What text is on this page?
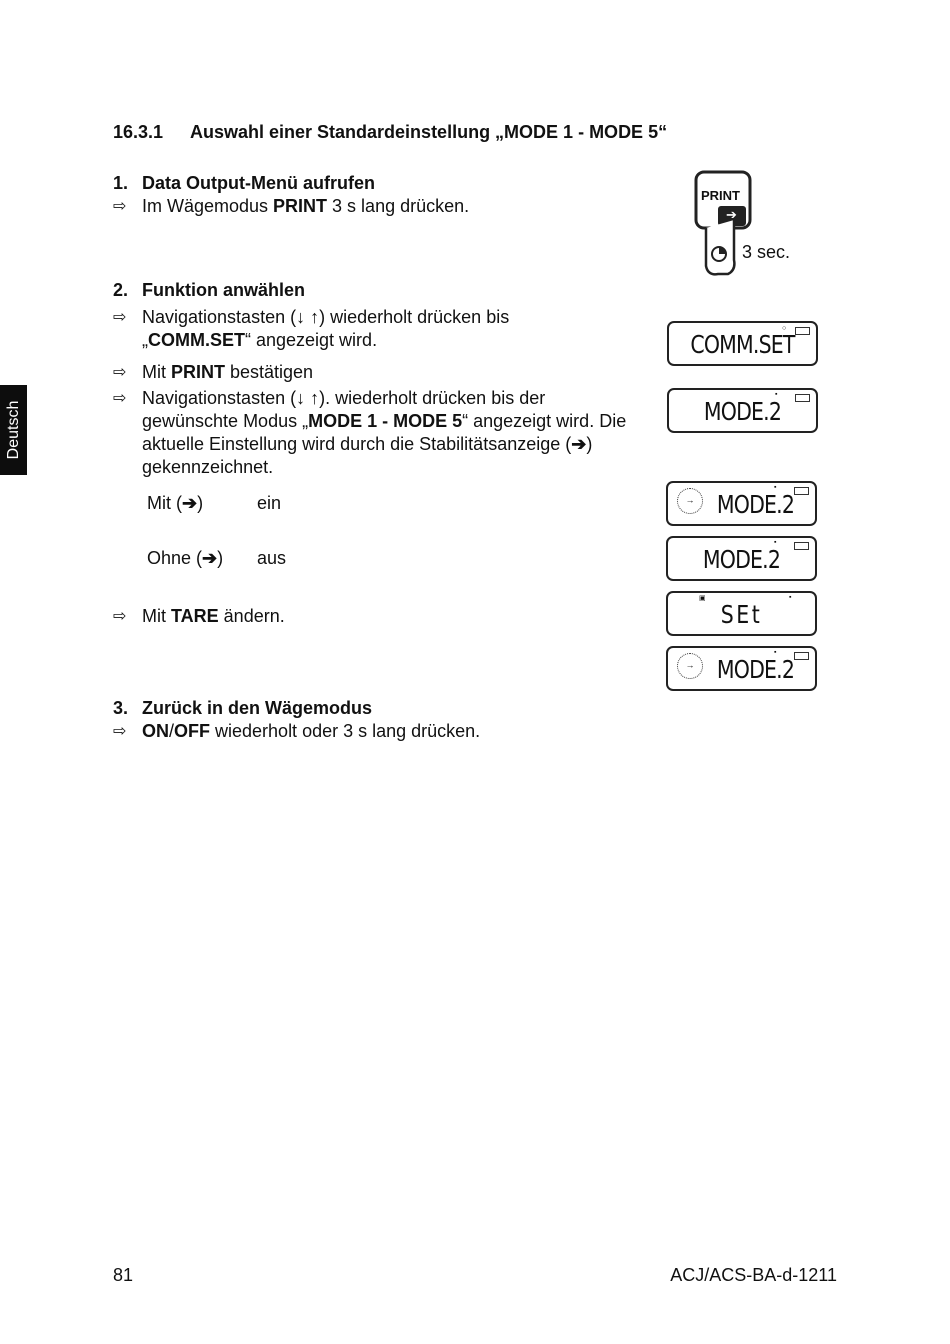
Deutsch
16.3.1 Auswahl einer Standardeinstellung „MODE 1 - MODE 5“
1. Data Output-Menü aufrufen
⇨ Im Wägemodus PRINT 3 s lang drücken.
PRINT
➔
3 sec.
2. Funktion anwählen
⇨ Navigationstasten (↓ ↑) wiederholt drücken bis „COMM.SET“ angezeigt wird.
⇨ Mit PRINT bestätigen
⇨ Navigationstasten (↓ ↑). wiederholt drücken bis der gewünschte Modus „MODE 1 - MODE 5“ angezeigt wird. Die aktuelle Einstellung wird durch die Stabilitätsanzeige (➔) gekennzeichnet.
Mit (➔)	ein
Ohne (➔) aus
⇨ Mit TARE ändern.
3. Zurück in den Wägemodus
⇨ ON/OFF wiederholt oder 3 s lang drücken.
○
COMM.SET
▪
MODE.2
▪
→ MODE.2
▪
MODE.2
▣	▪
SEt
▪
→ MODE.2
81	ACJ/ACS-BA-d-1211
